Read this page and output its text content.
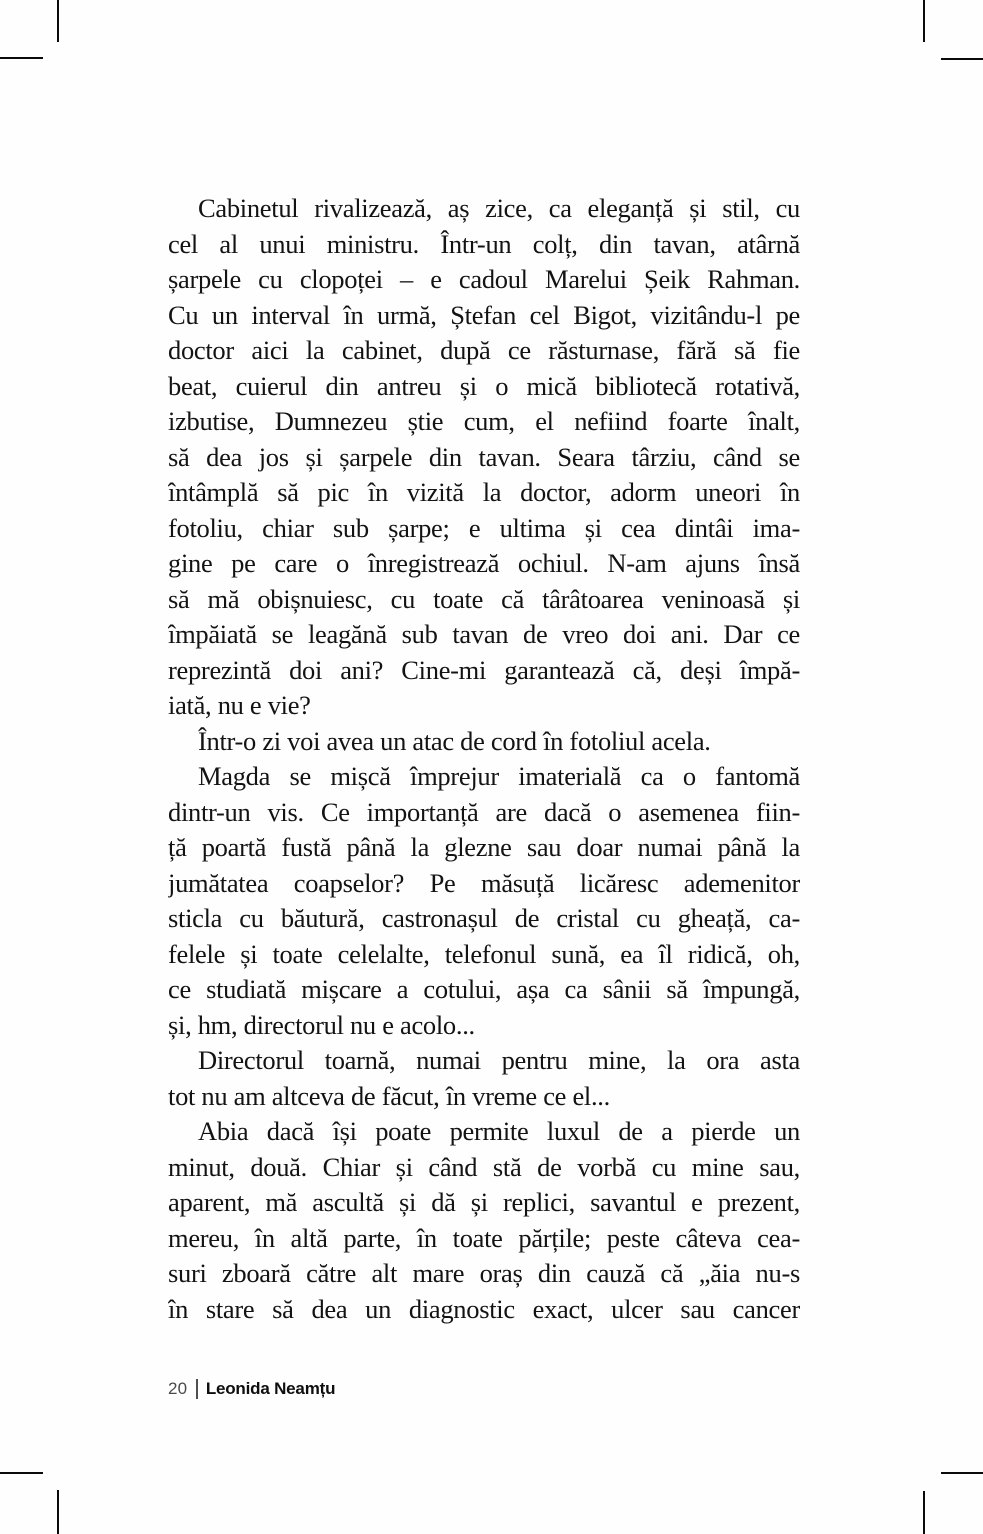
Cabinetul rivalizează, aș zice, ca eleganță și stil, cu
cel al unui ministru. Într-un colț, din tavan, atârnă
șarpele cu clopoței – e cadoul Marelui Șeik Rahman.
Cu un interval în urmă, Ștefan cel Bigot, vizitându-l pe
doctor aici la cabinet, după ce răsturnase, fără să fie
beat, cuierul din antreu și o mică bibliotecă rotativă,
izbutise, Dumnezeu știe cum, el nefiind foarte înalt,
să dea jos și șarpele din tavan. Seara târziu, când se
întâmplă să pic în vizită la doctor, adorm uneori în
fotoliu, chiar sub șarpe; e ultima și cea dintâi ima-
gine pe care o înregistrează ochiul. N-am ajuns însă
să mă obișnuiesc, cu toate că târâtoarea veninoasă și
împăiată se leagănă sub tavan de vreo doi ani. Dar ce
reprezintă doi ani? Cine-mi garantează că, deși împă-
iată, nu e vie?
Într-o zi voi avea un atac de cord în fotoliul acela.
Magda se mișcă împrejur imaterială ca o fantomă
dintr-un vis. Ce importanță are dacă o asemenea fiin-
ță poartă fustă până la glezne sau doar numai până la
jumătatea coapselor? Pe măsuță licăresc ademenitor
sticla cu băutură, castronașul de cristal cu gheață, ca-
felele și toate celelalte, telefonul sună, ea îl ridică, oh,
ce studiată mișcare a cotului, așa ca sânii să împungă,
și, hm, directorul nu e acolo...
Directorul toarnă, numai pentru mine, la ora asta
tot nu am altceva de făcut, în vreme ce el...
Abia dacă își poate permite luxul de a pierde un
minut, două. Chiar și când stă de vorbă cu mine sau,
aparent, mă ascultă și dă și replici, savantul e prezent,
mereu, în altă parte, în toate părțile; peste câteva cea-
suri zboară către alt mare oraș din cauză că „ăia nu-s
în stare să dea un diagnostic exact, ulcer sau cancer
20 Leonida Neamțu
